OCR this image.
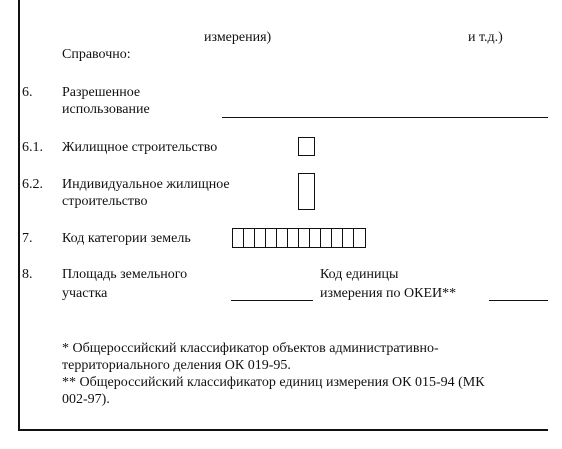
измерения)	и т.д.)
Справочно:
6. Разрешенное
использование
6.1. Жилищное строительство
6.2. Индивидуальное жилищное
строительство
7. Код категории земель
8. Площадь земельного
участка
Код единицы
измерения по ОКЕИ**
* Общероссийский классификатор объектов административно-
территориального деления ОК 019-95.
** Общероссийский классификатор единиц измерения ОК 015-94 (МК
002-97).
